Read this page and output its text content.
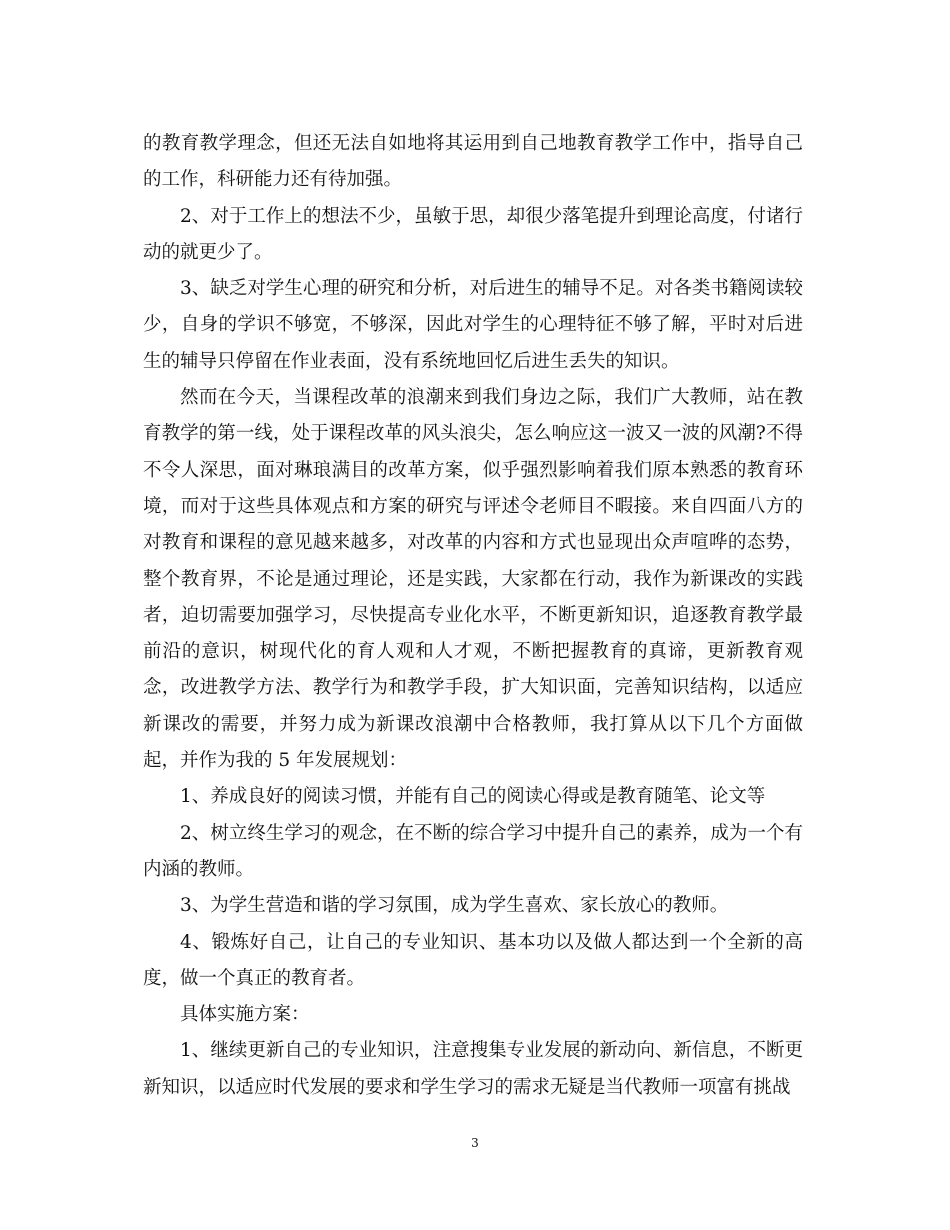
的教育教学理念，但还无法自如地将其运用到自己地教育教学工作中，指导自己的工作，科研能力还有待加强。

2、对于工作上的想法不少，虽敏于思，却很少落笔提升到理论高度，付诸行动的就更少了。

3、缺乏对学生心理的研究和分析，对后进生的辅导不足。对各类书籍阅读较少，自身的学识不够宽，不够深，因此对学生的心理特征不够了解，平时对后进生的辅导只停留在作业表面，没有系统地回忆后进生丢失的知识。

然而在今天，当课程改革的浪潮来到我们身边之际，我们广大教师，站在教育教学的第一线，处于课程改革的风头浪尖，怎么响应这一波又一波的风潮?不得不令人深思，面对琳琅满目的改革方案，似乎强烈影响着我们原本熟悉的教育环境，而对于这些具体观点和方案的研究与评述令老师目不暇接。来自四面八方的对教育和课程的意见越来越多，对改革的内容和方式也显现出众声喧哗的态势，整个教育界，不论是通过理论，还是实践，大家都在行动，我作为新课改的实践者，迫切需要加强学习，尽快提高专业化水平，不断更新知识，追逐教育教学最前沿的意识，树现代化的育人观和人才观，不断把握教育的真谛，更新教育观念，改进教学方法、教学行为和教学手段，扩大知识面，完善知识结构，以适应新课改的需要，并努力成为新课改浪潮中合格教师，我打算从以下几个方面做起，并作为我的 5 年发展规划：

1、养成良好的阅读习惯，并能有自己的阅读心得或是教育随笔、论文等

2、树立终生学习的观念，在不断的综合学习中提升自己的素养，成为一个有内涵的教师。

3、为学生营造和谐的学习氛围，成为学生喜欢、家长放心的教师。

4、锻炼好自己，让自己的专业知识、基本功以及做人都达到一个全新的高度，做一个真正的教育者。

具体实施方案：

1、继续更新自己的专业知识，注意搜集专业发展的新动向、新信息，不断更新知识，以适应时代发展的要求和学生学习的需求无疑是当代教师一项富有挑战

3
